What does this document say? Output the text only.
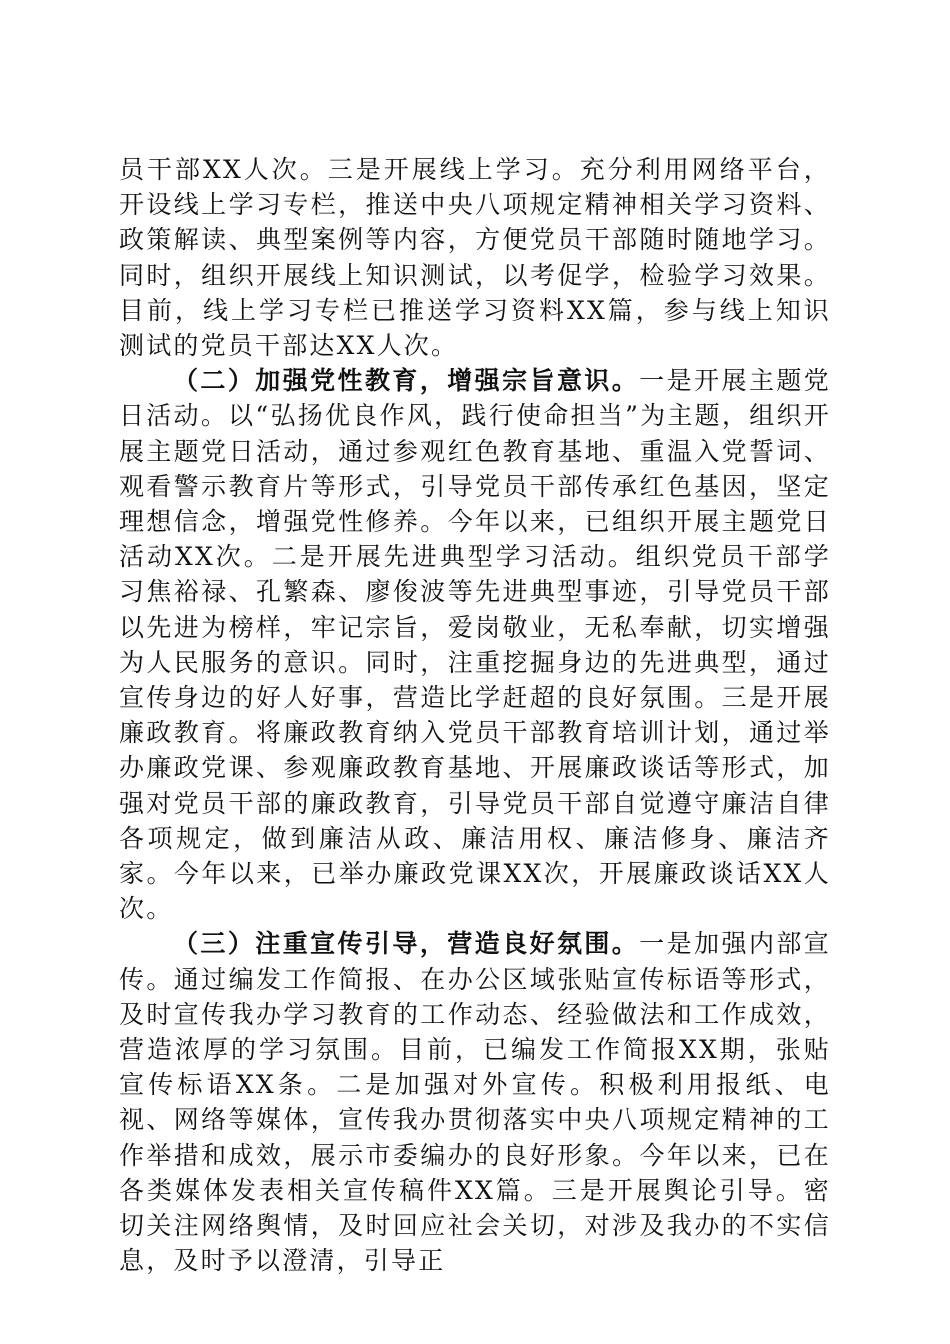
员干部XX人次。三是开展线上学习。充分利用网络平台，开设线上学习专栏，推送中央八项规定精神相关学习资料、政策解读、典型案例等内容，方便党员干部随时随地学习。同时，组织开展线上知识测试，以考促学，检验学习效果。目前，线上学习专栏已推送学习资料XX篇，参与线上知识测试的党员干部达XX人次。

（二）加强党性教育，增强宗旨意识。一是开展主题党日活动。以“弘扬优良作风，践行使命担当”为主题，组织开展主题党日活动，通过参观红色教育基地、重温入党誓词、观看警示教育片等形式，引导党员干部传承红色基因，坚定理想信念，增强党性修养。今年以来，已组织开展主题党日活动XX次。二是开展先进典型学习活动。组织党员干部学习焦裕禄、孔繁森、廖俊波等先进典型事迹，引导党员干部以先进为榜样，牢记宗旨，爱岗敬业，无私奉献，切实增强为人民服务的意识。同时，注重挖掘身边的先进典型，通过宣传身边的好人好事，营造比学赶超的良好氛围。三是开展廉政教育。将廉政教育纳入党员干部教育培训计划，通过举办廉政党课、参观廉政教育基地、开展廉政谈话等形式，加强对党员干部的廉政教育，引导党员干部自觉遵守廉洁自律各项规定，做到廉洁从政、廉洁用权、廉洁修身、廉洁齐家。今年以来，已举办廉政党课XX次，开展廉政谈话XX人次。

（三）注重宣传引导，营造良好氛围。一是加强内部宣传。通过编发工作简报、在办公区域张贴宣传标语等形式，及时宣传我办学习教育的工作动态、经验做法和工作成效，营造浓厚的学习氛围。目前，已编发工作简报XX期，张贴宣传标语XX条。二是加强对外宣传。积极利用报纸、电视、网络等媒体，宣传我办贯彻落实中央八项规定精神的工作举措和成效，展示市委编办的良好形象。今年以来，已在各类媒体发表相关宣传稿件XX篇。三是开展舆论引导。密切关注网络舆情，及时回应社会关切，对涉及我办的不实信息，及时予以澄清，引导正
